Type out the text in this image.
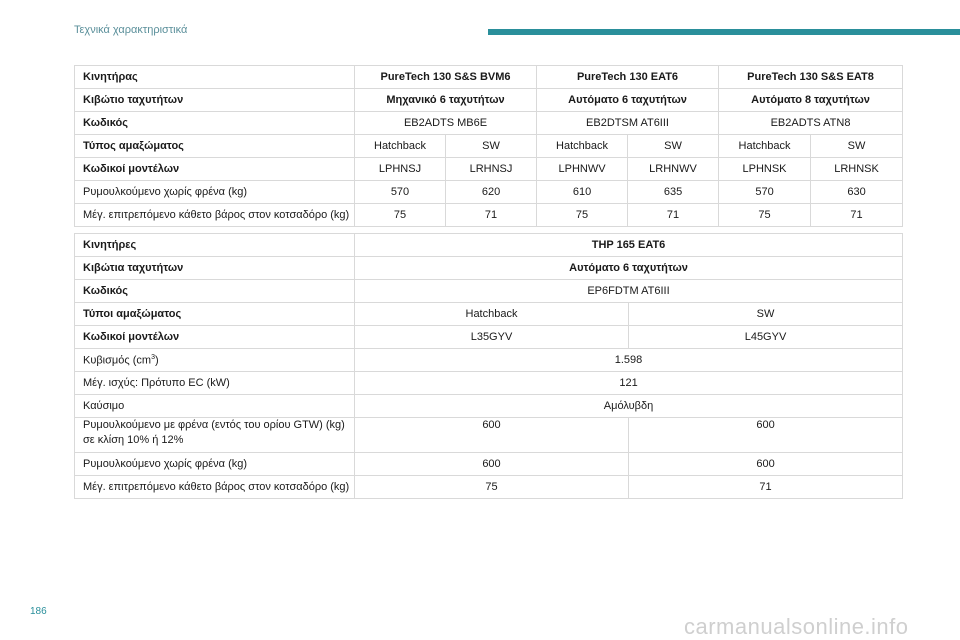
Τεχνικά χαρακτηριστικά
Κινητήρας	PureTech 130 S&S BVM6		PureTech 130 EAT6		PureTech 130 S&S EAT8	
Κιβώτιο ταχυτήτων	Μηχανικό 6 ταχυτήτων		Αυτόματο 6 ταχυτήτων		Αυτόματο 8 ταχυτήτων	
Κωδικός	EB2ADTS MB6E		EB2DTSM AT6III		EB2ADTS ATN8	
Τύπος αμαξώματος	Hatchback	SW	Hatchback	SW	Hatchback	SW
Κωδικοί μοντέλων	LPHNSJ	LRHNSJ	LPHNWV	LRHNWV	LPHNSK	LRHNSK
Ρυμουλκούμενο χωρίς φρένα (kg)	570	620	610	635	570	630
Μέγ. επιτρεπόμενο κάθετο βάρος στον κοτσαδόρο (kg)	75	71	75	71	75	71
Κινητήρες	THP 165 EAT6	
Κιβώτια ταχυτήτων	Αυτόματο 6 ταχυτήτων	
Κωδικός	EP6FDTM AT6III	
Τύποι αμαξώματος	Hatchback	SW
Κωδικοί μοντέλων	L35GYV	L45GYV
Κυβισμός $(cm^3)$	1.598	
Μέγ. ισχύς: Πρότυπο EC (kW)	121	
Καύσιμο	Αμόλυβδη	
Ρυμουλκούμενο με φρένα (εντός του ορίου GTW) (kg)
σε κλίση 10% ή 12%	600	600
Ρυμουλκούμενο χωρίς φρένα (kg)	600	600
Μέγ. επιτρεπόμενο κάθετο βάρος στον κοτσαδόρο (kg)	75	71
186
carmanualsonline.info
